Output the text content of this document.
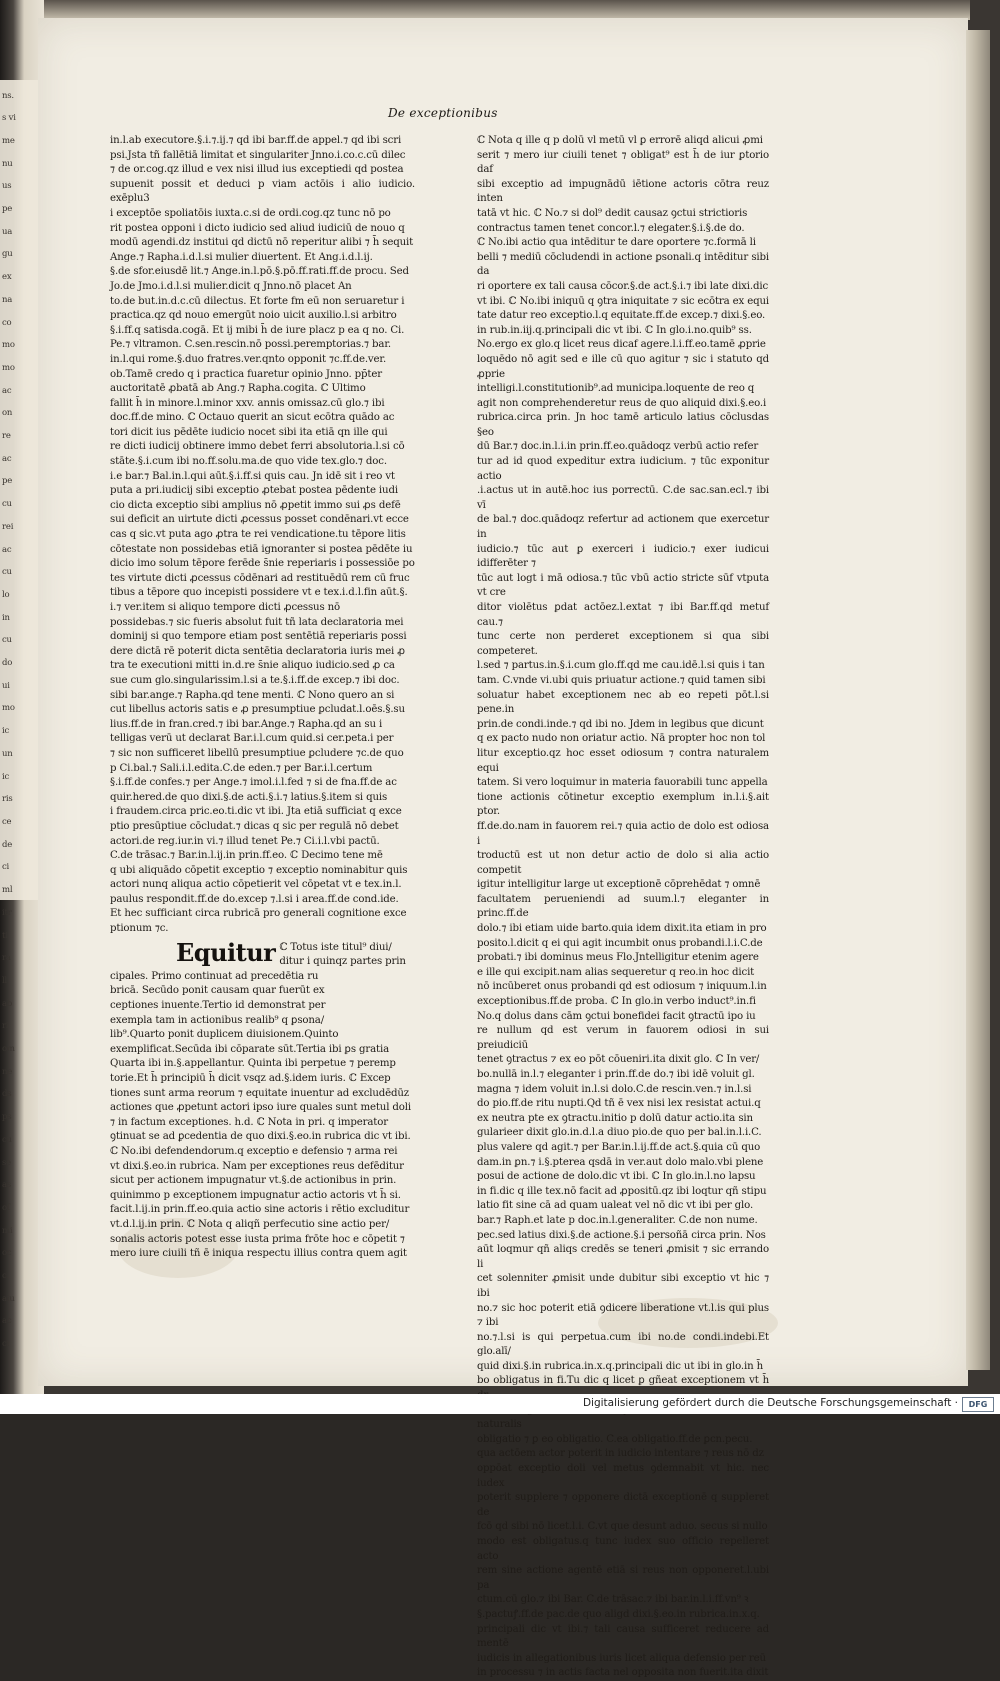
ns.

s vi

me

nu

us

pe

ua

gu

ex

na

co

mo

mo

ac

on

re

ac

pe

cu

rei

ac

cu

lo

in

cu

do

ui

mo

ic

un

ic

ris

ce

de

ci

ml

itr

ti

ra

ll

ab

ri

om

ne

ds

ps

cu

se

as

oſ

mi

oc

c.

aiu

ac

ci

De exceptionibus

in.l.ab executore.§.i.⁊.ij.⁊ qd ibi bar.ff.de appel.⁊ qd ibi scri

psi.Jsta tñ fallētiā limitat et singulariter Jnno.i.co.c.cū dilec

⁊ de or.cog.qz illud e vex nisi illud ius exceptiedi qd postea

supuenit possit et deduci p viam actōis i alio iudicio. exēplu3

i exceptōe spoliatōis iuxta.c.si de ordi.cog.qz tunc nō po

rit postea opponi i dicto iudicio sed aliud iudiciū de nouo q

modū agendi.dz institui qd dictū nō reperitur alibi ⁊ h̄ sequit

Ange.⁊ Rapha.i.d.l.si mulier diuertent. Et Ang.i.d.l.ij.

§.de sfor.eiusdē lit.⁊ Ange.in.l.pō.§.pō.ff.rati.ff.de procu. Sed

Jo.de Jmo.i.d.l.si mulier.dicit q Jnno.nō placet An

to.de but.in.d.c.cū dilectus. Et forte fm eū non seruaretur i

practica.qz qd nouo emergūt noio uicit auxilio.l.si arbitro

§.i.ff.q satisda.cogā. Et ij mibi h̄ de iure placz p ea q no. Ci.

Pe.⁊ vltramon. C.sen.rescin.nō possi.peremptorias.⁊ bar.

in.l.qui rome.§.duo fratres.ver.qnto opponit ⁊c.ff.de.ver.

ob.Tamē credo q i practica fuaretur opinio Jnno. pp̄ter

auctoritatē ꝓbatā ab Ang.⁊ Rapha.cogita. ℂ Ultimo

fallit h̄ in minore.l.minor xxv. annis omissaz.cū glo.⁊ ibi

doc.ff.de mino. ℂ Octauo querit an sicut ecōtra quādo ac

tori dicit ius pēdēte iudicio nocet sibi ita etiā qn ille qui

re dicti iudicij obtinere immo debet ferri absolutoria.l.si cō

stāte.§.i.cum ibi no.ff.solu.ma.de quo vide tex.glo.⁊ doc.

i.e bar.⁊ Bal.in.l.qui aūt.§.i.ff.si quis cau. Jn idē sit i reo vt

puta a pri.iudicij sibi exceptio ꝓtebat postea pēdente iudi

cio dicta exceptio sibi amplius nō ꝓpetit immo sui ꝓs defē

sui deficit an uirtute dicti ꝓcessus posset condēnari.vt ecce

cas q sic.vt puta ago ꝓtra te rei vendicatione.tu tēpore litis

cōtestate non possidebas etiā ignoranter si postea pēdēte iu

dicio imo solum tēpore ferēde s̄nie reperiaris i possessiōe po

tes virtute dicti ꝓcessus cōdēnari ad restituēdū rem cū fruc

tibus a tēpore quo incepisti possidere vt e tex.i.d.l.fin aūt.§.

i.⁊ ver.item si aliquo tempore dicti ꝓcessus nō

possidebas.⁊ sic fueris absolut fuit tñ lata declaratoria mei

dominij si quo tempore etiam post sentētiā reperiaris possi

dere dictā rē poterit dicta sentētia declaratoria iuris mei ꝓ

tra te executioni mitti in.d.re s̄nie aliquo iudicio.sed ꝓ ca

sue cum glo.singularissim.l.si a te.§.i.ff.de excep.⁊ ibi doc.

sibi bar.ange.⁊ Rapha.qd tene menti. ℂ Nono quero an si

cut libellus actoris satis e ꝓ presumptiue ꝑcludat.l.oēs.§.su

lius.ff.de in fran.cred.⁊ ibi bar.Ange.⁊ Rapha.qd an su i

telligas verū ut declarat Bar.i.l.cum quid.si cer.peta.i per

⁊ sic non sufficeret libellū presumptiue ꝑcludere ⁊c.de quo

p Ci.bal.⁊ Sali.i.l.edita.C.de eden.⁊ per Bar.i.l.certum

§.i.ff.de confes.⁊ per Ange.⁊ imol.i.l.fed ⁊ si de fna.ff.de ac

quir.hered.de quo dixi.§.de acti.§.i.⁊ latius.§.item si quis

i fraudem.circa pric.eo.ti.dic vt ibi. Jta etiā sufficiat q exce

ptio presūptiue cōcludat.⁊ dicas q sic per regulā nō debet

actori.de reg.iur.in vi.⁊ illud tenet Pe.⁊ Ci.i.l.vbi pactū.

C.de trāsac.⁊ Bar.in.l.ij.in prin.ff.eo. ℂ Decimo tene mē

q ubi aliquādo cōpetit exceptio ⁊ exceptio nominabitur ꝗuis

actori nunq aliqua actio cōpetierit vel cōpetat vt e tex.in.l.

paulus respondit.ff.de do.excep ⁊.l.si i area.ff.de cond.ide.

Et hec sufficiant circa rubricā pro generali cognitione exce

ptionum ⁊c.

Equitur ℂ Totus iste titul⁹ diui/

ditur i quinqz partes prin

cipales. Primo continuat ad precedētia ru

bricā. Secūdo ponit causam quar fuerūt ex

ceptiones inuente.Tertio id demonstrat per

exempla tam in actionibus realib⁹ q ꝑsona/

lib⁹.Quarto ponit duplicem diuisionem.Quinto

exemplificat.Secūda ibi cōparate sūt.Tertia ibi ꝑs gratia

Quarta ibi in.§.appellantur. Quinta ibi perpetue ⁊ peremp

torie.Et h̄ principiū h̄ dicit vsqz ad.§.idem iuris. ℂ Excep

tiones sunt arma reorum ⁊ equitate inuentur ad excludēdūz

actiones que ꝓpetunt actori ipso iure quales sunt metul doli

⁊ in factum exceptiones. h.d. ℂ Nota in pri. q imperator

ꝯtinuat se ad ꝑcedentia de quo dixi.§.eo.in rubrica dic vt ibi.

ℂ No.ibi defendendorum.q exceptio e defensio ⁊ arma rei

vt dixi.§.eo.in rubrica. Nam per exceptiones reus defēditur

sicut per actionem impugnatur vt.§.de actionibus in prin.

quinimmo p exceptionem impugnatur actio actoris vt h̄ si.

facit.l.ij.in prin.ff.eo.quia actio sine actoris i rētio excluditur

vt.d.l.ij.in prin. ℂ Nota q aliqñ perfecutio sine actio per/

sonalis actoris potest esse iusta prima frōte hoc e cōpetit ⁊

mero iure ciuili tñ ē iniqua respectu illius contra quem agit

ℂ Nota q ille q p dolū vl metū vl ꝑ errorē aliqd alicui ꝓmi

serit ⁊ mero iur ciuili tenet ⁊ obligat⁹ est h̄ de iur ꝑtorio daf

sibi exceptio ad impugnādū iētione actoris cōtra reuz inten

tatā vt hic. ℂ No.⁊ si dol⁹ dedit causaz ꝯctui strictioris

contractus tamen tenet concor.l.⁊ elegater.§.i.§.de do.

ℂ No.ibi actio qua intēditur te dare oportere ⁊c.formā li

belli ⁊ mediū cōcludendi in actione ꝑsonali.q intēditur sibi da

ri oportere ex tali causa cōcor.§.de act.§.i.⁊ ibi late dixi.dic

vt ibi. ℂ No.ibi iniquū q ꝯtra iniquitate ⁊ sic ecōtra ex equi

tate datur reo exceptio.l.q equitate.ff.de excep.⁊ dixi.§.eo.

in rub.in.iij.q.principali dic vt ibi. ℂ In glo.i.no.quib⁹ ss.

No.ergo ex glo.q licet reus dicaf agere.l.i.ff.eo.tamē ꝓprie

loquēdo nō agit sed e ille cū quo agitur ⁊ sic i statuto qd ꝓprie

intelligi.l.constitutionib⁹.ad municipa.loquente de reo q

agit non comprehenderetur reus de quo aliquid dixi.§.eo.i

rubrica.circa prin. Jn hoc tamē articulo latius cōclusdas §eo

dū Bar.⁊ doc.in.l.i.in prin.ff.eo.quādoqz verbū actio refer

tur ad id quod expeditur extra iudicium. ⁊ tūc exponitur actio

.i.actus ut in autē.hoc ius porrectū. C.de sac.san.ecl.⁊ ibi vī

de bal.⁊ doc.quādoqz refertur ad actionem que exercetur in

iudicio.⁊ tūc aut ꝑ exerceri i iudicio.⁊ exer iudicui idifferēter ⁊

tūc aut logt i mā odiosa.⁊ tūc vbū actio stricte sūf vtputa vt cre

ditor violētus ꝑdat actōez.l.extat ⁊ ibi Bar.ff.qd metuf cau.⁊

tunc certe non perderet exceptionem si qua sibi competeret.

l.sed ⁊ partus.in.§.i.cum glo.ff.qd me cau.idē.l.si quis i tan

tam. C.vnde vi.ubi quis priuatur actione.⁊ quid tamen sibi

soluatur habet exceptionem nec ab eo repeti pōt.l.si pene.in

prin.de condi.inde.⁊ qd ibi no. Jdem in legibus que dicunt

q ex pacto nudo non oriatur actio. Nā propter hoc non tol

litur exceptio.qz hoc esset odiosum ⁊ contra naturalem equi

tatem. Si vero loquimur in materia fauorabili tunc appella

tione actionis cōtinetur exceptio exemplum in.l.i.§.ait ptor.

ff.de.do.nam in fauorem rei.⁊ quia actio de dolo est odiosa i

troductū est ut non detur actio de dolo si alia actio competit

igitur intelligitur large ut exceptionē cōprehēdat ⁊ omnē

facultatem perueniendi ad suum.l.⁊ eleganter in princ.ff.de

dolo.⁊ ibi etiam uide barto.quia idem dixit.ita etiam in pro

posito.l.dicit q ei qui agit incumbit onus probandi.l.i.C.de

probati.⁊ ibi dominus meus Flo.Jntelligitur etenim agere

e ille qui excipit.nam alias sequeretur q reo.in hoc dicit

nō incūberet onus probandi qd est odiosum ⁊ iniquum.l.in

exceptionibus.ff.de proba. ℂ In glo.in verbo induct⁹.in.fi

No.q dolus dans cām ꝯctui bonefidei facit ꝯtractū ipo iu

re nullum qd est verum in fauorem odiosi in sui preiudiciū

tenet ꝯtractus ⁊ ex eo pōt cōueniri.ita dixit glo. ℂ In ver/

bo.nullā in.l.⁊ eleganter i prin.ff.de do.⁊ ibi idē voluit gl.

magna ⁊ idem voluit in.l.si dolo.C.de rescin.ven.⁊ in.l.si

do pio.ff.de ritu nupti.Qd tñ ē vex nisi lex resistat actui.q

ex neutra pte ex ꝯtractu.initio p dolū datur actio.ita sin

gularieer dixit glo.in.d.l.a diuo pio.de quo per bal.in.l.i.C.

plus valere qd agit.⁊ per Bar.in.l.ij.ff.de act.§.quia cū quo

dam.in ꝑn.⁊ i.§.pterea qsdā in ver.aut dolo malo.vbi plene

posui de actione de dolo.dic vt ibi. ℂ In glo.in.l.no lapsu

in fi.dic q ille tex.nō facit ad ꝓpositū.qz ibi loqtur qñ stipu

latio fit sine cā ad quam ualeat vel nō dic vt ibi per glo.

bar.⁊ Raph.et late p doc.in.l.generaliter. C.de non nume.

pec.sed latius dixi.§.de actione.§.i persoñā circa prin. Nos

aūt loqmur qñ aliqs credēs se teneri ꝓmisit ⁊ sic errando li

cet solenniter ꝓmisit unde dubitur sibi exceptio vt hic ⁊ ibi

no.⁊ sic hoc poterit etiā ꝯdicere liberatione vt.l.is qui plus ⁊ ibi

no.⁊.l.si is qui perpetua.cum ibi no.de condi.indebi.Et glo.alī/

quid dixi.§.in rubrica.in.x.q.principali dic ut ibi in glo.in h̄

bo obligatus in fi.Tu dic q licet ꝑ gñeat exceptionem vt h̄

naturalis

obligatio ⁊ ꝑ eo obligatio. C.ea obligatio.ff.de ꝑcn.pecu.

qua actōem actor poterit in iudicio intentare ⁊ reus nō dz

oppōat exceptio doli vel metus ꝯdemnabit vt hic. nec iudex

poterit supplere ⁊ opponere dictā exceptionē q suppleret de

fcō qd sibi nō licet.l.i. C.vt que desunt aduo. secus si nullo

modo est obligatus.q tunc iudex suo officio repelleret acto

rem sine actione agentē etiā si reus non opponeret.l.ubi pa

ctum.cū glo.⁊ ibi Bar. C.de trāsac.⁊ ibi bar.in.l.i.ff.vn⁹ ꝛ

§.pactuꝭ.ff.de pac.de quo aligd dixi.§.eo.in rubrica.in.x.q.

principali dic vt ibi.⁊ tali causa sufficeret reducere ad mentē

iudicis in allegationibus iuris licet aliqua defensio per reū

in processu ⁊ in actis facta nel opposita non fuerit.ita dixit

Digitalisierung gefördert durch die Deutsche Forschungsgemeinschaft ·	DFG
